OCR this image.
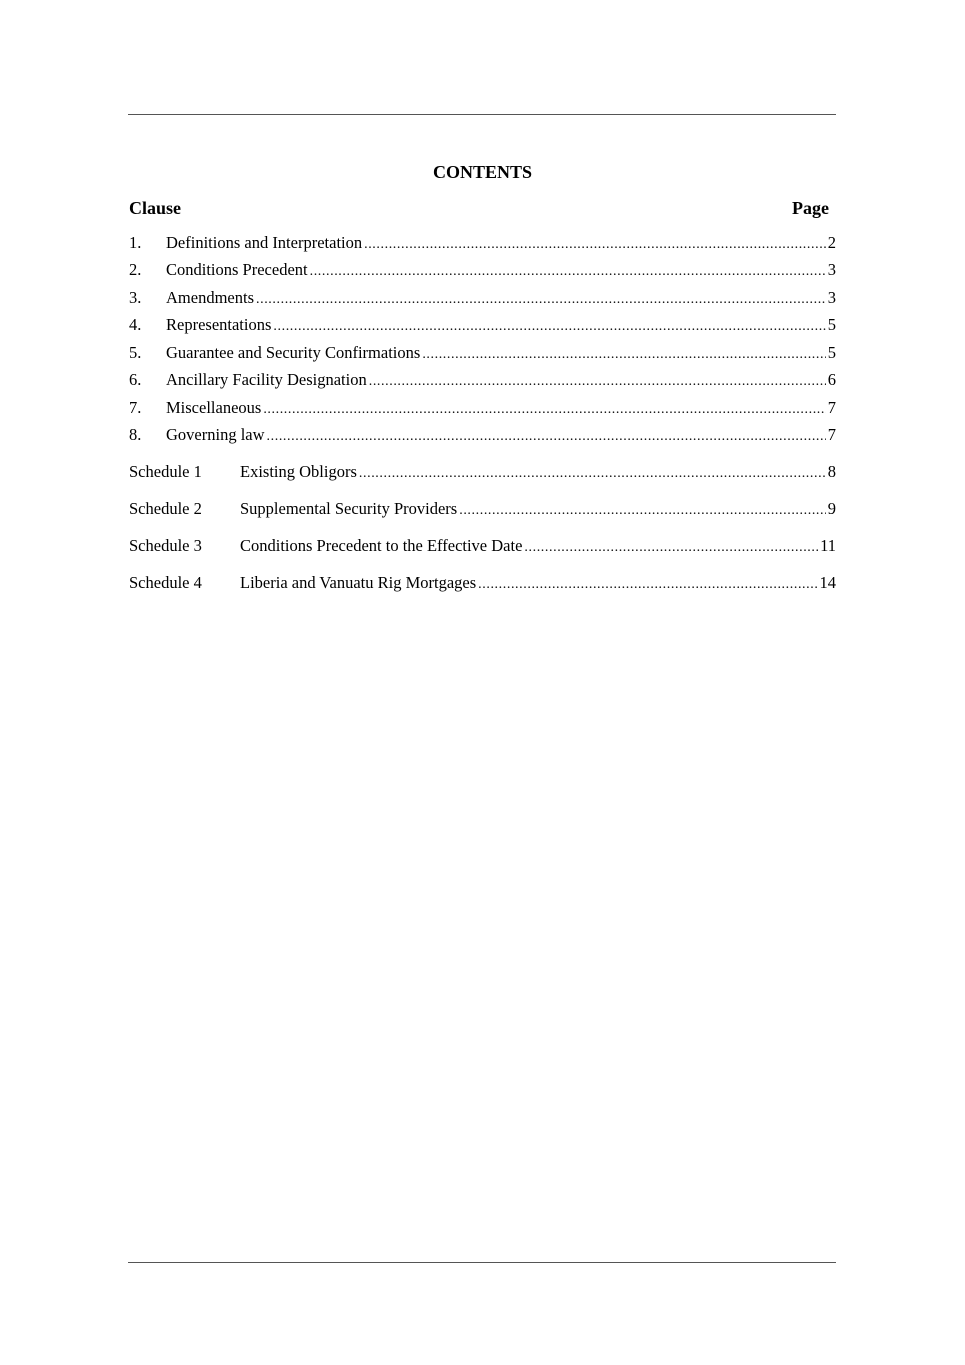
CONTENTS
Clause	Page
1.	Definitions and Interpretation .....	2
2.	Conditions Precedent .....	3
3.	Amendments .....	3
4.	Representations .....	5
5.	Guarantee and Security Confirmations .....	5
6.	Ancillary Facility Designation .....	6
7.	Miscellaneous .....	7
8.	Governing law .....	7
Schedule 1	Existing Obligors .....	8
Schedule 2	Supplemental Security Providers .....	9
Schedule 3	Conditions Precedent to the Effective Date .....	11
Schedule 4	Liberia and Vanuatu Rig Mortgages .....	14
